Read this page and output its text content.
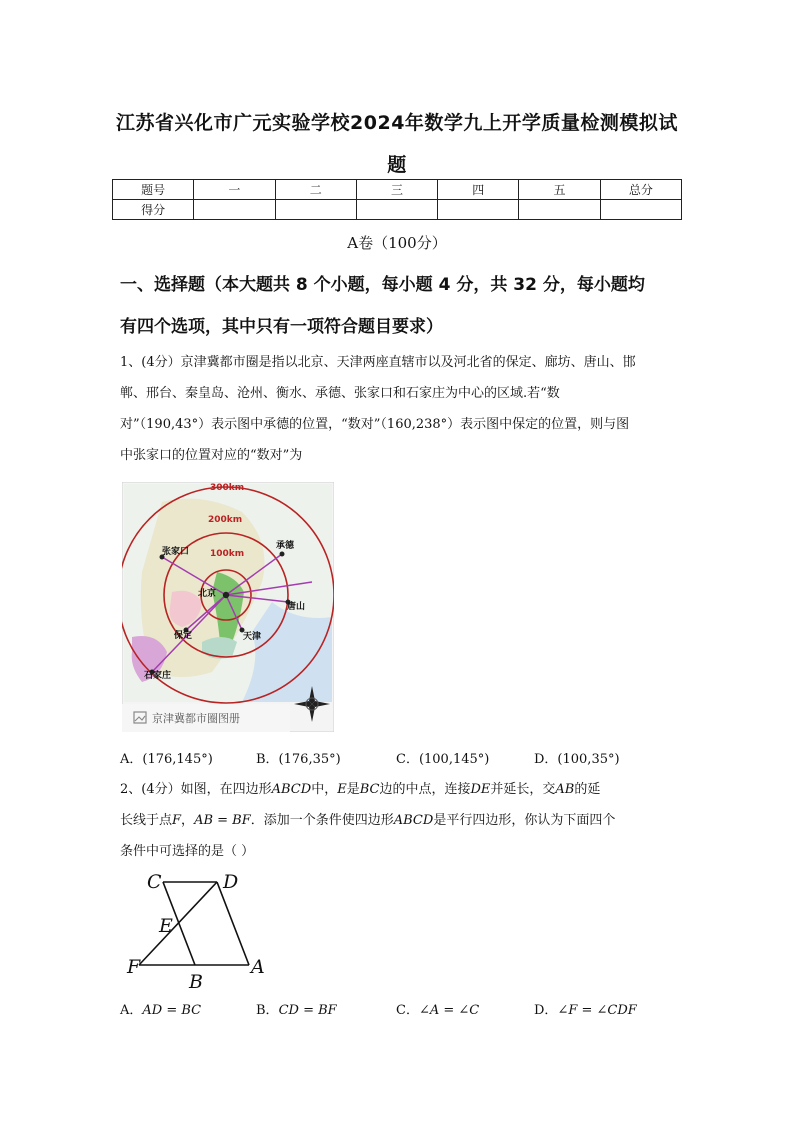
江苏省兴化市广元实验学校2024年数学九上开学质量检测模拟试
题
题号	一	二	三	四	五	总分
得分						
A卷（100分）
一、选择题（本大题共 8 个小题，每小题 4 分，共 32 分，每小题均
有四个选项，其中只有一项符合题目要求）
1、(4分）京津冀都市圈是指以北京、天津两座直辖市以及河北省的保定、廊坊、唐山、邯
郸、邢台、秦皇岛、沧州、衡水、承德、张家口和石家庄为中心的区域.若“数
对”（190,43°）表示图中承德的位置，“数对”（160,238°）表示图中保定的位置，则与图
中张家口的位置对应的“数对”为
300km
200km
100km
张家口
承德
北京
唐山
保定	天津
石家庄
京津冀都市圈图册
A．(176,145°)	B．(176,35°)	C．(100,145°)	D．(100,35°)
2、(4分）如图，在四边形ABCD中，E是BC边的中点，连接DE并延长，交AB的延
长线于点F，AB = BF．添加一个条件使四边形ABCD是平行四边形，你认为下面四个
条件中可选择的是（ ）
C	D
E
F
B
A
A．AD = BC	B．CD = BF	C．∠A = ∠C	D．∠F = ∠CDF
